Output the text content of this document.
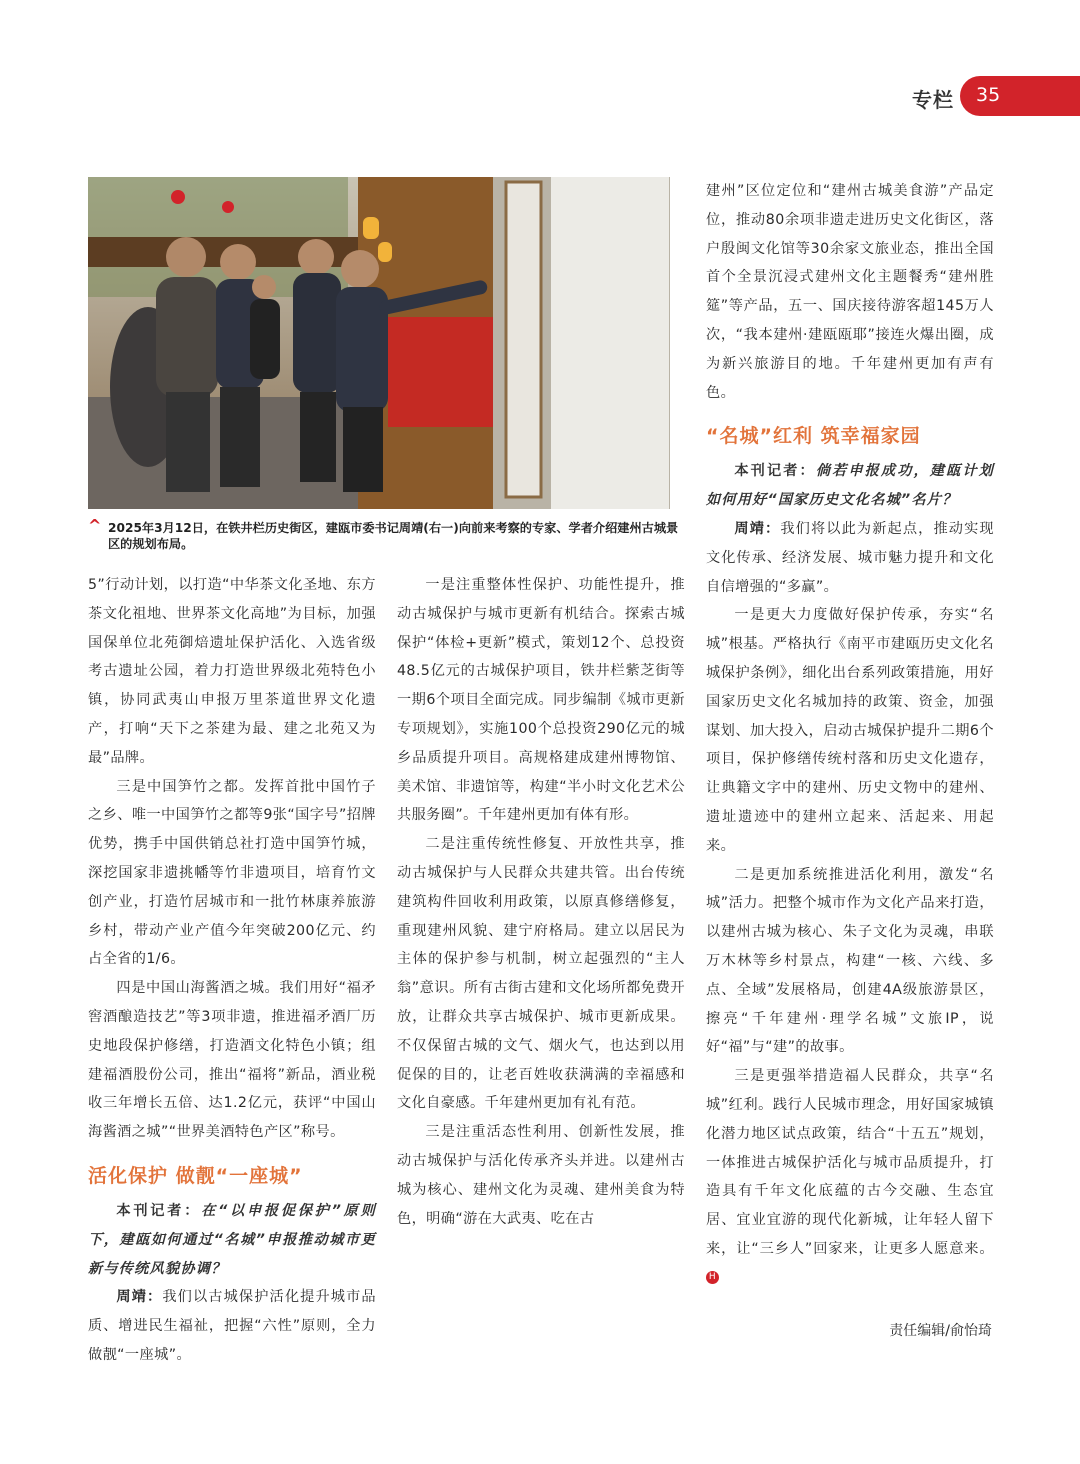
专栏 35
^ 2025年3月12日，在铁井栏历史街区，建瓯市委书记周靖(右一)向前来考察的专家、学者介绍建州古城景区的规划布局。

5”行动计划，以打造“中华茶文化圣地、东方茶文化祖地、世界茶文化高地”为目标，加强国保单位北苑御焙遗址保护活化、入选省级考古遗址公园，着力打造世界级北苑特色小镇，协同武夷山申报万里茶道世界文化遗产，打响“天下之茶建为最、建之北苑又为最”品牌。

三是中国笋竹之都。发挥首批中国竹子之乡、唯一中国笋竹之都等9张“国字号”招牌优势，携手中国供销总社打造中国笋竹城，深挖国家非遗挑幡等竹非遗项目，培育竹文创产业，打造竹居城市和一批竹林康养旅游乡村，带动产业产值今年突破200亿元、约占全省的1/6。

四是中国山海酱酒之城。我们用好“福矛窖酒酿造技艺”等3项非遗，推进福矛酒厂历史地段保护修缮，打造酒文化特色小镇；组建福酒股份公司，推出“福将”新品，酒业税收三年增长五倍、达1.2亿元，获评“中国山海酱酒之城”“世界美酒特色产区”称号。

活化保护 做靓“一座城”

本刊记者：在“以申报促保护”原则下，建瓯如何通过“名城”申报推动城市更新与传统风貌协调？

周靖：我们以古城保护活化提升城市品质、增进民生福祉，把握“六性”原则，全力做靓“一座城”。

一是注重整体性保护、功能性提升，推动古城保护与城市更新有机结合。探索古城保护“体检+更新”模式，策划12个、总投资48.5亿元的古城保护项目，铁井栏紫芝街等一期6个项目全面完成。同步编制《城市更新专项规划》，实施100个总投资290亿元的城乡品质提升项目。高规格建成建州博物馆、美术馆、非遗馆等，构建“半小时文化艺术公共服务圈”。千年建州更加有体有形。

二是注重传统性修复、开放性共享，推动古城保护与人民群众共建共管。出台传统建筑构件回收利用政策，以原真修缮修复，重现建州风貌、建宁府格局。建立以居民为主体的保护参与机制，树立起强烈的“主人翁”意识。所有古街古建和文化场所都免费开放，让群众共享古城保护、城市更新成果。不仅保留古城的文气、烟火气，也达到以用促保的目的，让老百姓收获满满的幸福感和文化自豪感。千年建州更加有礼有范。

三是注重活态性利用、创新性发展，推动古城保护与活化传承齐头并进。以建州古城为核心、建州文化为灵魂、建州美食为特色，明确“游在大武夷、吃在古

建州”区位定位和“建州古城美食游”产品定位，推动80余项非遗走进历史文化街区，落户殷闽文化馆等30余家文旅业态，推出全国首个全景沉浸式建州文化主题餐秀“建州胜筵”等产品，五一、国庆接待游客超145万人次，“我本建州·建瓯瓯耶”接连火爆出圈，成为新兴旅游目的地。千年建州更加有声有色。

“名城”红利 筑幸福家园

本刊记者：倘若申报成功，建瓯计划如何用好“国家历史文化名城”名片？

周靖：我们将以此为新起点，推动实现文化传承、经济发展、城市魅力提升和文化自信增强的“多赢”。

一是更大力度做好保护传承，夯实“名城”根基。严格执行《南平市建瓯历史文化名城保护条例》，细化出台系列政策措施，用好国家历史文化名城加持的政策、资金，加强谋划、加大投入，启动古城保护提升二期6个项目，保护修缮传统村落和历史文化遗存，让典籍文字中的建州、历史文物中的建州、遗址遗迹中的建州立起来、活起来、用起来。

二是更加系统推进活化利用，激发“名城”活力。把整个城市作为文化产品来打造，以建州古城为核心、朱子文化为灵魂，串联万木林等乡村景点，构建“一核、六线、多点、全域”发展格局，创建4A级旅游景区，擦亮“千年建州·理学名城”文旅IP，说好“福”与“建”的故事。

三是更强举措造福人民群众，共享“名城”红利。践行人民城市理念，用好国家城镇化潜力地区试点政策，结合“十五五”规划，一体推进古城保护活化与城市品质提升，打造具有千年文化底蕴的古今交融、生态宜居、宜业宜游的现代化新城，让年轻人留下来，让“三乡人”回家来，让更多人愿意来。H

责任编辑/俞怡琦
